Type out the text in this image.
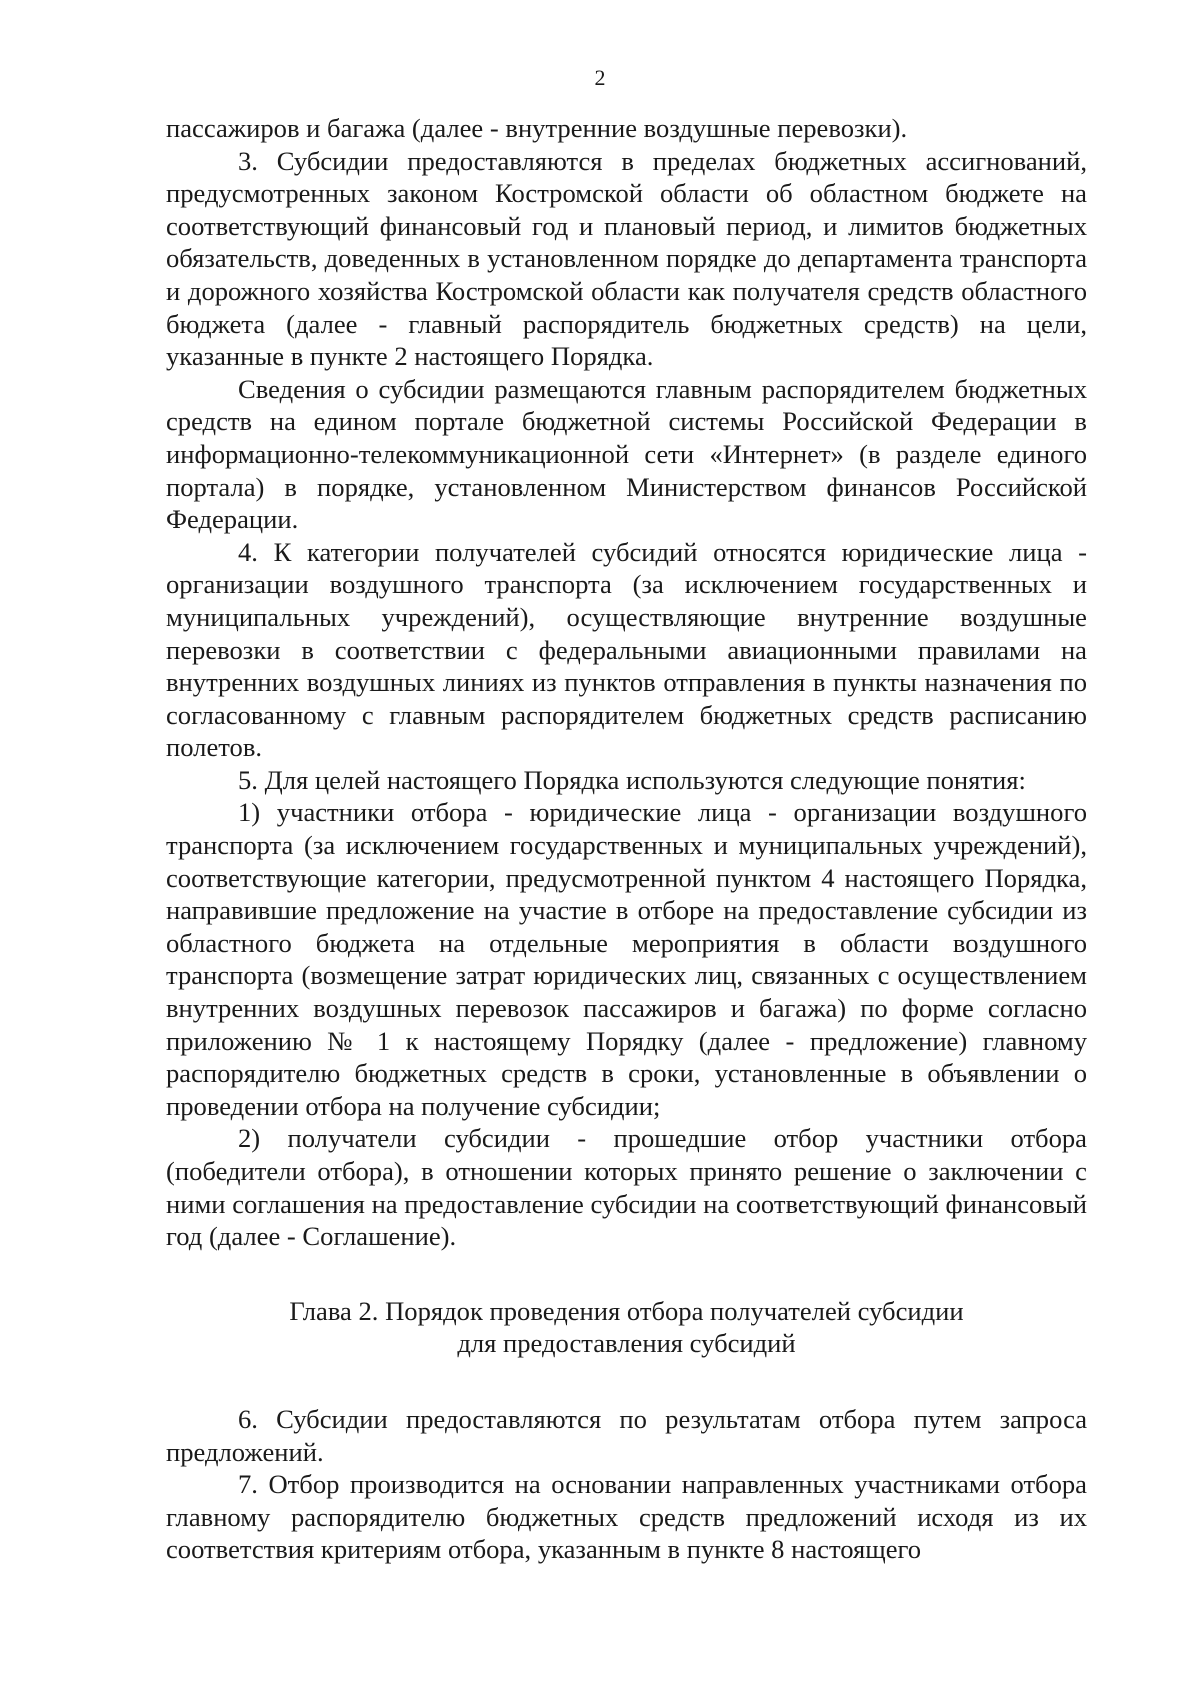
2

пассажиров и багажа (далее - внутренние воздушные перевозки).

3. Субсидии предоставляются в пределах бюджетных ассигнований, предусмотренных законом Костромской области об областном бюджете на соответствующий финансовый год и плановый период, и лимитов бюджетных обязательств, доведенных в установленном порядке до департамента транспорта и дорожного хозяйства Костромской области как получателя средств областного бюджета (далее - главный распорядитель бюджетных средств) на цели, указанные в пункте 2 настоящего Порядка.

Сведения о субсидии размещаются главным распорядителем бюджетных средств на едином портале бюджетной системы Российской Федерации в информационно-телекоммуникационной сети «Интернет» (в разделе единого портала) в порядке, установленном Министерством финансов Российской Федерации.

4. К категории получателей субсидий относятся юридические лица - организации воздушного транспорта (за исключением государственных и муниципальных учреждений), осуществляющие внутренние воздушные перевозки в соответствии с федеральными авиационными правилами на внутренних воздушных линиях из пунктов отправления в пункты назначения по согласованному с главным распорядителем бюджетных средств расписанию полетов.

5. Для целей настоящего Порядка используются следующие понятия:

1) участники отбора - юридические лица - организации воздушного транспорта (за исключением государственных и муниципальных учреждений), соответствующие категории, предусмотренной пунктом 4 настоящего Порядка, направившие предложение на участие в отборе на предоставление субсидии из областного бюджета на отдельные мероприятия в области воздушного транспорта (возмещение затрат юридических лиц, связанных с осуществлением внутренних воздушных перевозок пассажиров и багажа) по форме согласно приложению № 1 к настоящему Порядку (далее - предложение) главному распорядителю бюджетных средств в сроки, установленные в объявлении о проведении отбора на получение субсидии;

2) получатели субсидии - прошедшие отбор участники отбора (победители отбора), в отношении которых принято решение о заключении с ними соглашения на предоставление субсидии на соответствующий финансовый год (далее - Соглашение).

Глава 2. Порядок проведения отбора получателей субсидии

для предоставления субсидий

6. Субсидии предоставляются по результатам отбора путем запроса предложений.

7. Отбор производится на основании направленных участниками отбора главному распорядителю бюджетных средств предложений исходя из их соответствия критериям отбора, указанным в пункте 8 настоящего
